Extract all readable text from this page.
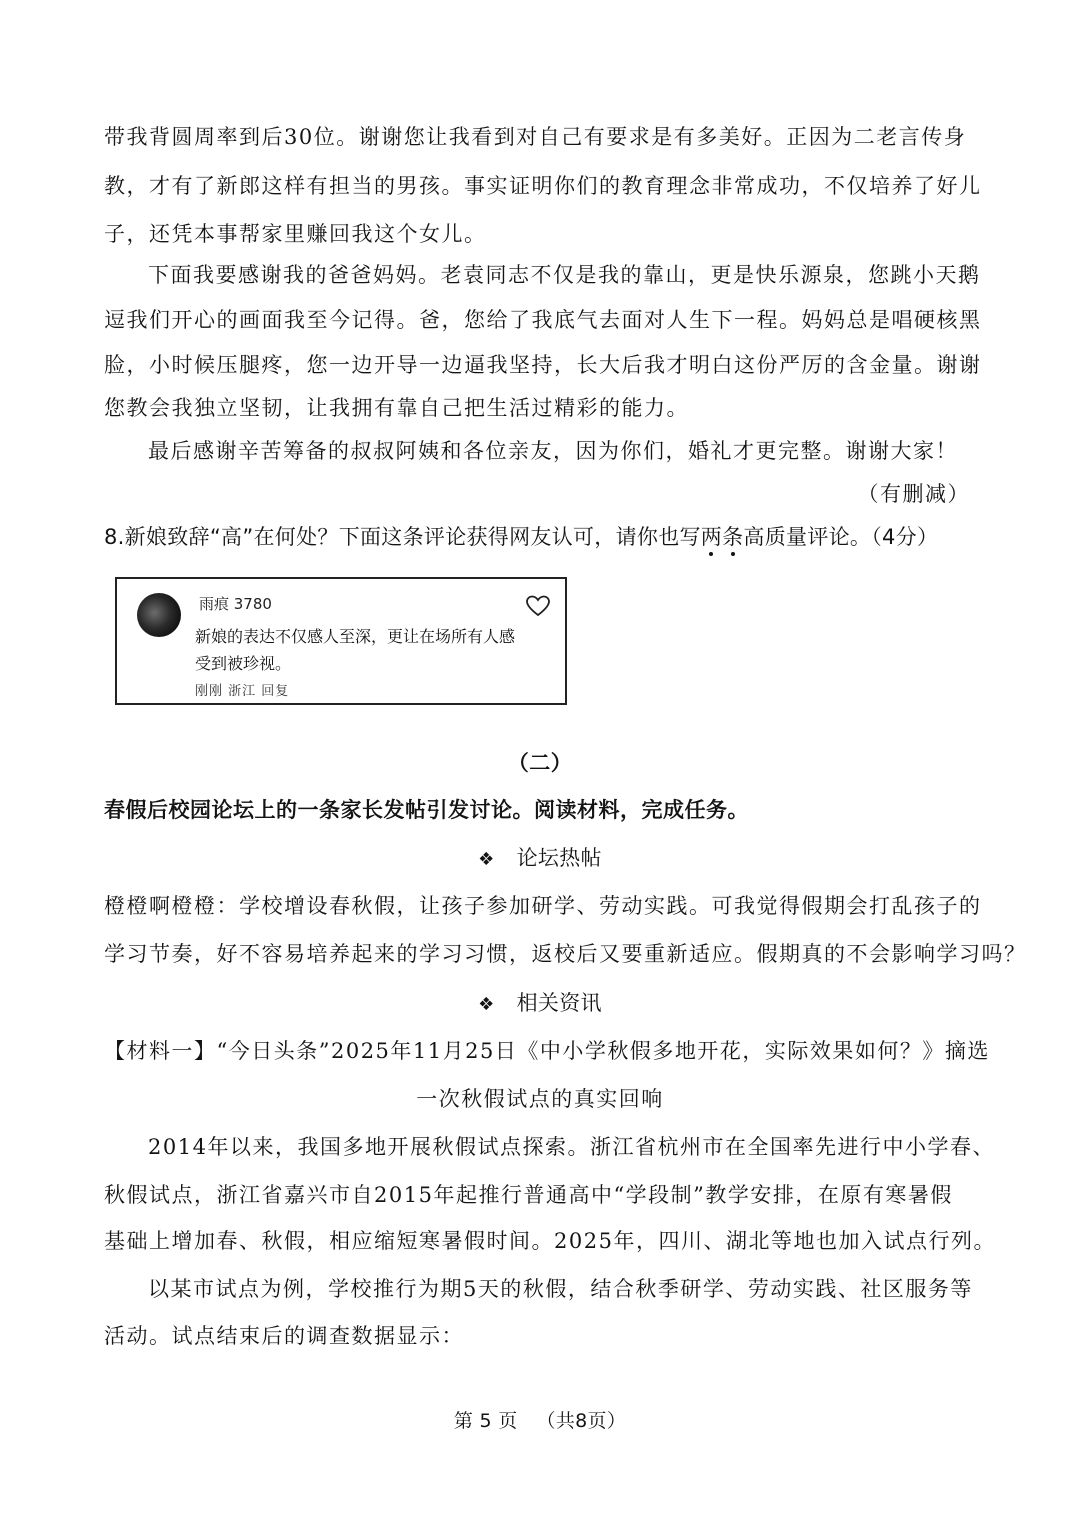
带我背圆周率到后30位。谢谢您让我看到对自己有要求是有多美好。正因为二老言传身
教，才有了新郎这样有担当的男孩。事实证明你们的教育理念非常成功，不仅培养了好儿
子，还凭本事帮家里赚回我这个女儿。
下面我要感谢我的爸爸妈妈。老袁同志不仅是我的靠山，更是快乐源泉，您跳小天鹅
逗我们开心的画面我至今记得。爸，您给了我底气去面对人生下一程。妈妈总是唱硬核黑
脸，小时候压腿疼，您一边开导一边逼我坚持，长大后我才明白这份严厉的含金量。谢谢
您教会我独立坚韧，让我拥有靠自己把生活过精彩的能力。
最后感谢辛苦筹备的叔叔阿姨和各位亲友，因为你们，婚礼才更完整。谢谢大家！
（有删减）
8.新娘致辞“高”在何处？下面这条评论获得网友认可，请你也写两条高质量评论。（4分）
雨痕 3780
新娘的表达不仅感人至深，更让在场所有人感受到被珍视。
刚刚 浙江 回复
（二）
春假后校园论坛上的一条家长发帖引发讨论。阅读材料，完成任务。
❖ 论坛热帖
橙橙啊橙橙：学校增设春秋假，让孩子参加研学、劳动实践。可我觉得假期会打乱孩子的
学习节奏，好不容易培养起来的学习习惯，返校后又要重新适应。假期真的不会影响学习吗？
❖ 相关资讯
【材料一】“今日头条”2025年11月25日《中小学秋假多地开花，实际效果如何？》摘选
一次秋假试点的真实回响
2014年以来，我国多地开展秋假试点探索。浙江省杭州市在全国率先进行中小学春、
秋假试点，浙江省嘉兴市自2015年起推行普通高中“学段制”教学安排，在原有寒暑假
基础上增加春、秋假，相应缩短寒暑假时间。2025年，四川、湖北等地也加入试点行列。
以某市试点为例，学校推行为期5天的秋假，结合秋季研学、劳动实践、社区服务等
活动。试点结束后的调查数据显示：
第 5 页 （共8页）
